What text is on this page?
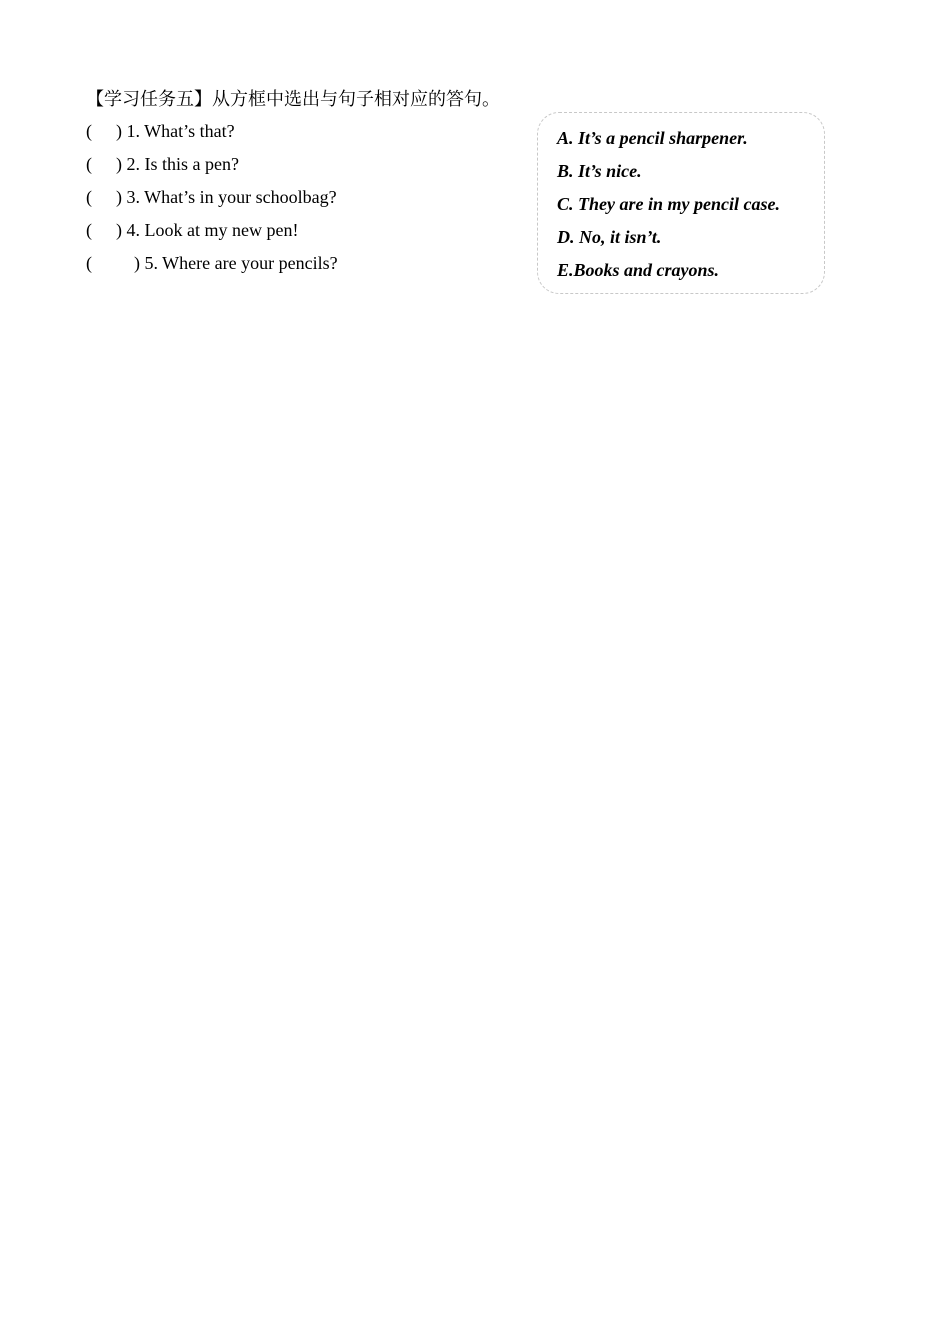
【学习任务五】从方框中选出与句子相对应的答句。
( ) 1. What’s that?
( ) 2. Is this a pen?
( ) 3. What’s in your schoolbag?
( ) 4. Look at my new pen!
( ) 5. Where are your pencils?
A. It’s a pencil sharpener.
B. It’s nice.
C. They are in my pencil case.
D. No, it isn’t.
E.Books and crayons.
